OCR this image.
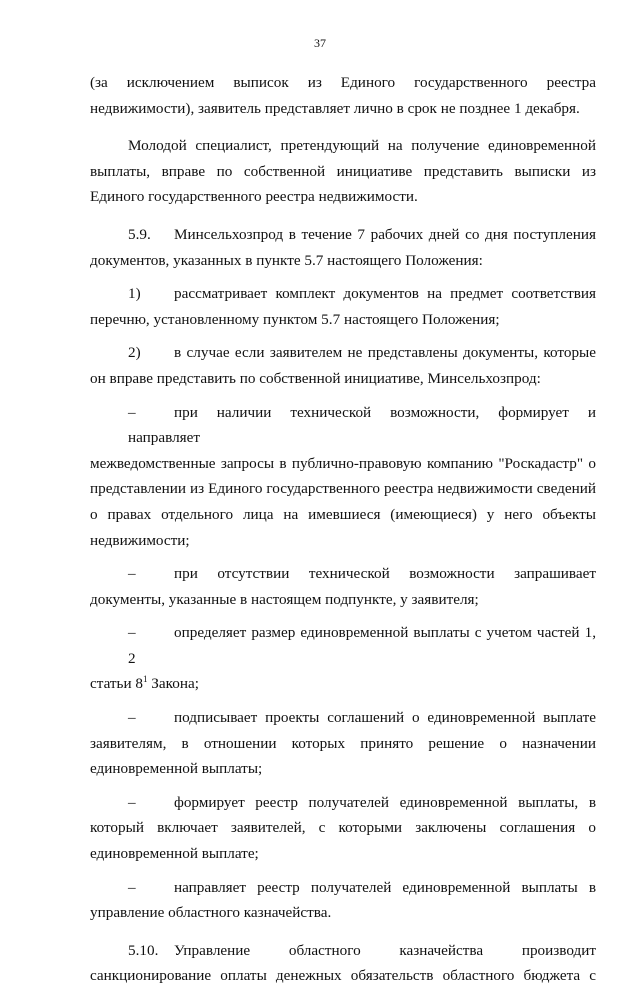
37

(за исключением выписок из Единого государственного реестра
недвижимости), заявитель представляет лично в срок не позднее 1 декабря.

Молодой специалист, претендующий на получение единовременной
выплаты, вправе по собственной инициативе представить выписки из
Единого государственного реестра недвижимости.

5.9. Минсельхозпрод в течение 7 рабочих дней со дня поступления
документов, указанных в пункте 5.7 настоящего Положения:

1) рассматривает комплект документов на предмет соответствия
перечню, установленному пунктом 5.7 настоящего Положения;

2) в случае если заявителем не представлены документы, которые
он вправе представить по собственной инициативе, Минсельхозпрод:

–	при наличии технической возможности, формирует и направляет
межведомственные запросы в публично-правовую компанию "Роскадастр" о
представлении из Единого государственного реестра недвижимости сведений
о правах отдельного лица на имевшиеся (имеющиеся) у него объекты
недвижимости;

–	при отсутствии технической возможности запрашивает
документы, указанные в настоящем подпункте, у заявителя;

–	определяет размер единовременной выплаты с учетом частей 1, 2
статьи $8^1$ Закона;

–	подписывает проекты соглашений о единовременной выплате
заявителям, в отношении которых принято решение о назначении
единовременной выплаты;

–	формирует реестр получателей единовременной выплаты, в
который включает заявителей, с которыми заключены соглашения о
единовременной выплате;

–	направляет реестр получателей единовременной выплаты в
управление областного казначейства.

5.10. Управление областного казначейства производит
санкционирование оплаты денежных обязательств областного бюджета с
